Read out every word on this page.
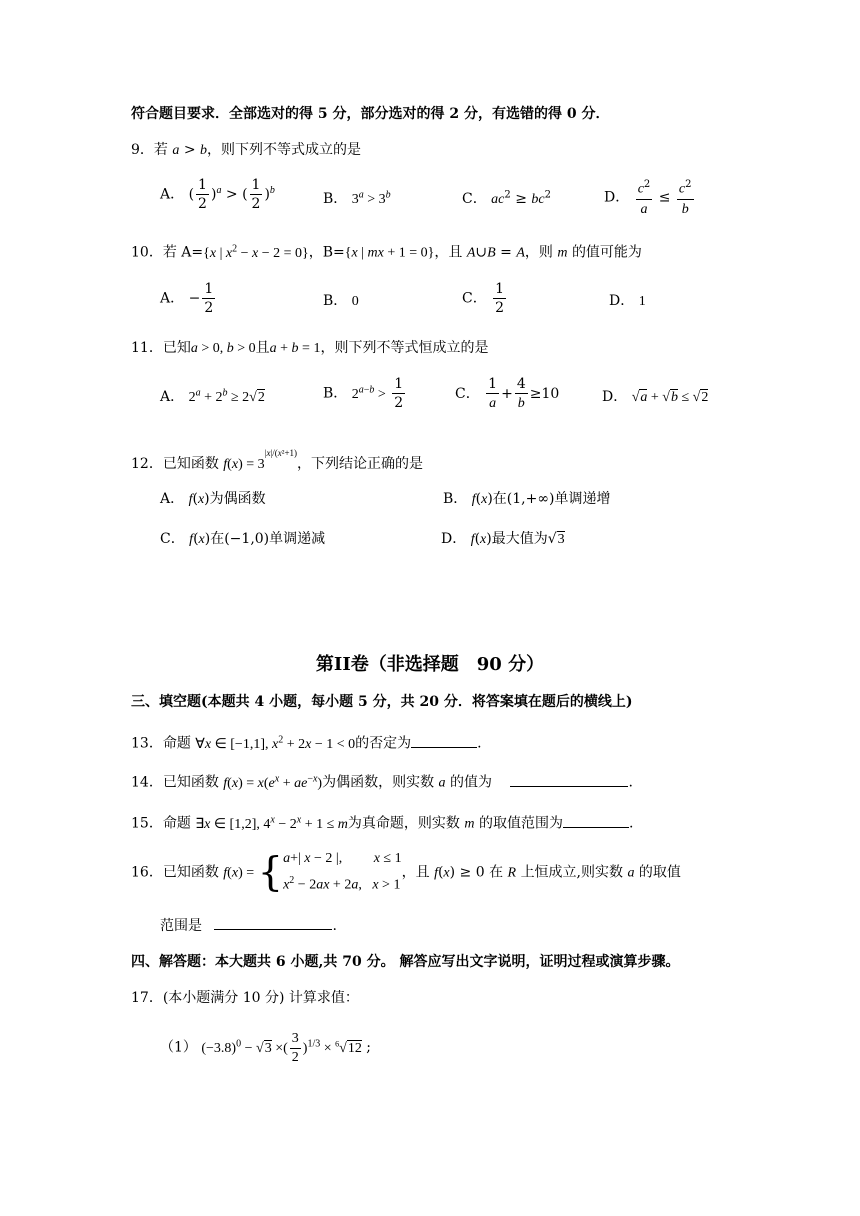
符合题目要求．全部选对的得 5 分，部分选对的得 2 分，有选错的得 0 分．
9．若 a > b，则下列不等式成立的是
A． ( $\frac{1}{2} )^a$ > ( $\frac{1}{2} )^b$
B． $3^a > 3^b$	C． $ac^2 \ge bc^2$	D． $\frac{c^2}{a} \le \frac{c^2}{b}$
10．若 A={x | $x^2 - x - 2 = 0$}，B={x | mx + 1 = 0}，且 A∪B = A，则 m 的值可能为
A． − $\frac{1}{2}$	B． 0	C． $\frac{1}{2}$	D． 1
11．已知a > 0, b > 0且a + b = 1，则下列不等式恒成立的是
A． $2^a + 2^b \ge 2√2$	B． $2^{a-b} > \frac{1}{2}$	C． $\frac{1}{a} + \frac{4}{b} \ge 10$	D． √a + √b ≤ √2
12．已知函数 $f(x) = 3^{|x|/(x^2+1)}$，下列结论正确的是
A． f(x)为偶函数	B． f(x)在(1,+∞)单调递增
C． f(x)在(−1,0)单调递减	D． f(x)最大值为√3
第II卷（非选择题　90 分）
三、填空题(本题共 4 小题，每小题 5 分，共 20 分．将答案填在题后的横线上)
13．命题 ∀x ∈ [−1,1], $x^2 + 2x - 1 < 0$的否定为	.
14．已知函数 $f(x) = x(e^x + ae^{-x})$为偶函数，则实数 a 的值为	.
15．命题 ∃x ∈ [1,2], $4^x - 2^x + 1 \le m$为真命题，则实数 m 的取值范围为	.
16．已知函数 f(x) = { a+| x − 2 |,         x ≤ 1
$x^2 - 2ax + 2a$,   x > 1
，且 f(x) ≥ 0 在 R 上恒成立,则实数 a 的取值
范围是	.
四、解答题：本大题共 6 小题,共 70 分。 解答应写出文字说明，证明过程或演算步骤。
17．(本小题满分 10 分) 计算求值：
（1） $(-3.8)^0 - √3$ ×( $\frac{3}{2} )^{1/3} \times ^6√12$ ;
